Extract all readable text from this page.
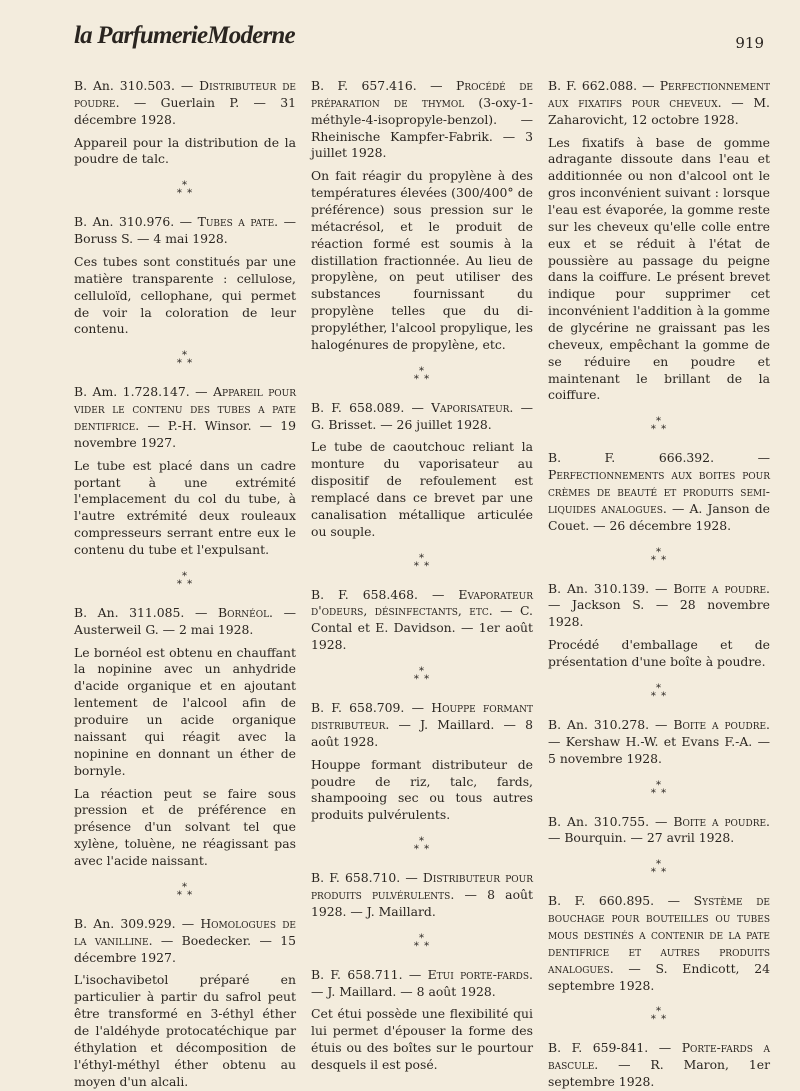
la ParfumerieModerne	919

B. An. 310.503. — Distributeur de poudre. — Guerlain P. — 31 décembre 1928.

Appareil pour la distribution de la poudre de talc.

*
* *

B. An. 310.976. — Tubes a pate. — Boruss S. — 4 mai 1928.

Ces tubes sont constitués par une matière transparente : cellulose, celluloïd, cellophane, qui permet de voir la coloration de leur contenu.

*
* *

B. Am. 1.728.147. — Appareil pour vider le contenu des tubes a pate dentifrice. — P.-H. Winsor. — 19 novembre 1927.

Le tube est placé dans un cadre portant à une extrémité l'emplacement du col du tube, à l'autre extrémité deux rouleaux compresseurs serrant entre eux le contenu du tube et l'expulsant.

*
* *

B. An. 311.085. — Bornéol. — Austerweil G. — 2 mai 1928.

Le bornéol est obtenu en chauffant la nopinine avec un anhydride d'acide organique et en ajoutant lentement de l'alcool afin de produire un acide organique naissant qui réagit avec la nopinine en donnant un éther de bornyle.

La réaction peut se faire sous pression et de préférence en présence d'un solvant tel que xylène, toluène, ne réagissant pas avec l'acide naissant.

*
* *

B. An. 309.929. — Homologues de la vanilline. — Boedecker. — 15 décembre 1927.

L'isochavibetol préparé en particulier à partir du safrol peut être transformé en 3-éthyl éther de l'aldéhyde protocatéchique par éthylation et décomposition de l'éthyl-méthyl éther obtenu au moyen d'un alcali.

B. F. 657.416. — Procédé de préparation de thymol (3-oxy-1-méthyle-4-isopropyle-benzol). — Rheinische Kampfer-Fabrik. — 3 juillet 1928.

On fait réagir du propylène à des températures élevées (300/400° de préférence) sous pression sur le métacrésol, et le produit de réaction formé est soumis à la distillation fractionnée. Au lieu de propylène, on peut utiliser des substances fournissant du propylène telles que du di-propyléther, l'alcool propylique, les halogénures de propylène, etc.

*
* *

B. F. 658.089. — Vaporisateur. — G. Brisset. — 26 juillet 1928.

Le tube de caoutchouc reliant la monture du vaporisateur au dispositif de refoulement est remplacé dans ce brevet par une canalisation métallique articulée ou souple.

*
* *

B. F. 658.468. — Evaporateur d'odeurs, désinfectants, etc. — C. Contal et E. Davidson. — 1er août 1928.

*
* *

B. F. 658.709. — Houppe formant distributeur. — J. Maillard. — 8 août 1928.

Houppe formant distributeur de poudre de riz, talc, fards, shampooing sec ou tous autres produits pulvérulents.

*
* *

B. F. 658.710. — Distributeur pour produits pulvérulents. — 8 août 1928. — J. Maillard.

*
* *

B. F. 658.711. — Etui porte-fards. — J. Maillard. — 8 août 1928.

Cet étui possède une flexibilité qui lui permet d'épouser la forme des étuis ou des boîtes sur le pourtour desquels il est posé.

B. F. 662.088. — Perfectionnement aux fixatifs pour cheveux. — M. Zaharovicht, 12 octobre 1928.

Les fixatifs à base de gomme adragante dissoute dans l'eau et additionnée ou non d'alcool ont le gros inconvénient suivant : lorsque l'eau est évaporée, la gomme reste sur les cheveux qu'elle colle entre eux et se réduit à l'état de poussière au passage du peigne dans la coiffure. Le présent brevet indique pour supprimer cet inconvénient l'addition à la gomme de glycérine ne graissant pas les cheveux, empêchant la gomme de se réduire en poudre et maintenant le brillant de la coiffure.

*
* *

B. F. 666.392. — Perfectionnements aux boites pour crèmes de beauté et produits semi-liquides analogues. — A. Janson de Couet. — 26 décembre 1928.

*
* *

B. An. 310.139. — Boite a poudre. — Jackson S. — 28 novembre 1928.

Procédé d'emballage et de présentation d'une boîte à poudre.

*
* *

B. An. 310.278. — Boite a poudre. — Kershaw H.-W. et Evans F.-A. — 5 novembre 1928.

*
* *

B. An. 310.755. — Boite a poudre. — Bourquin. — 27 avril 1928.

*
* *

B. F. 660.895. — Système de bouchage pour bouteilles ou tubes mous destinés a contenir de la pate dentifrice et autres produits analogues. — S. Endicott, 24 septembre 1928.

*
* *

B. F. 659-841. — Porte-fards a bascule. — R. Maron, 1er septembre 1928.
